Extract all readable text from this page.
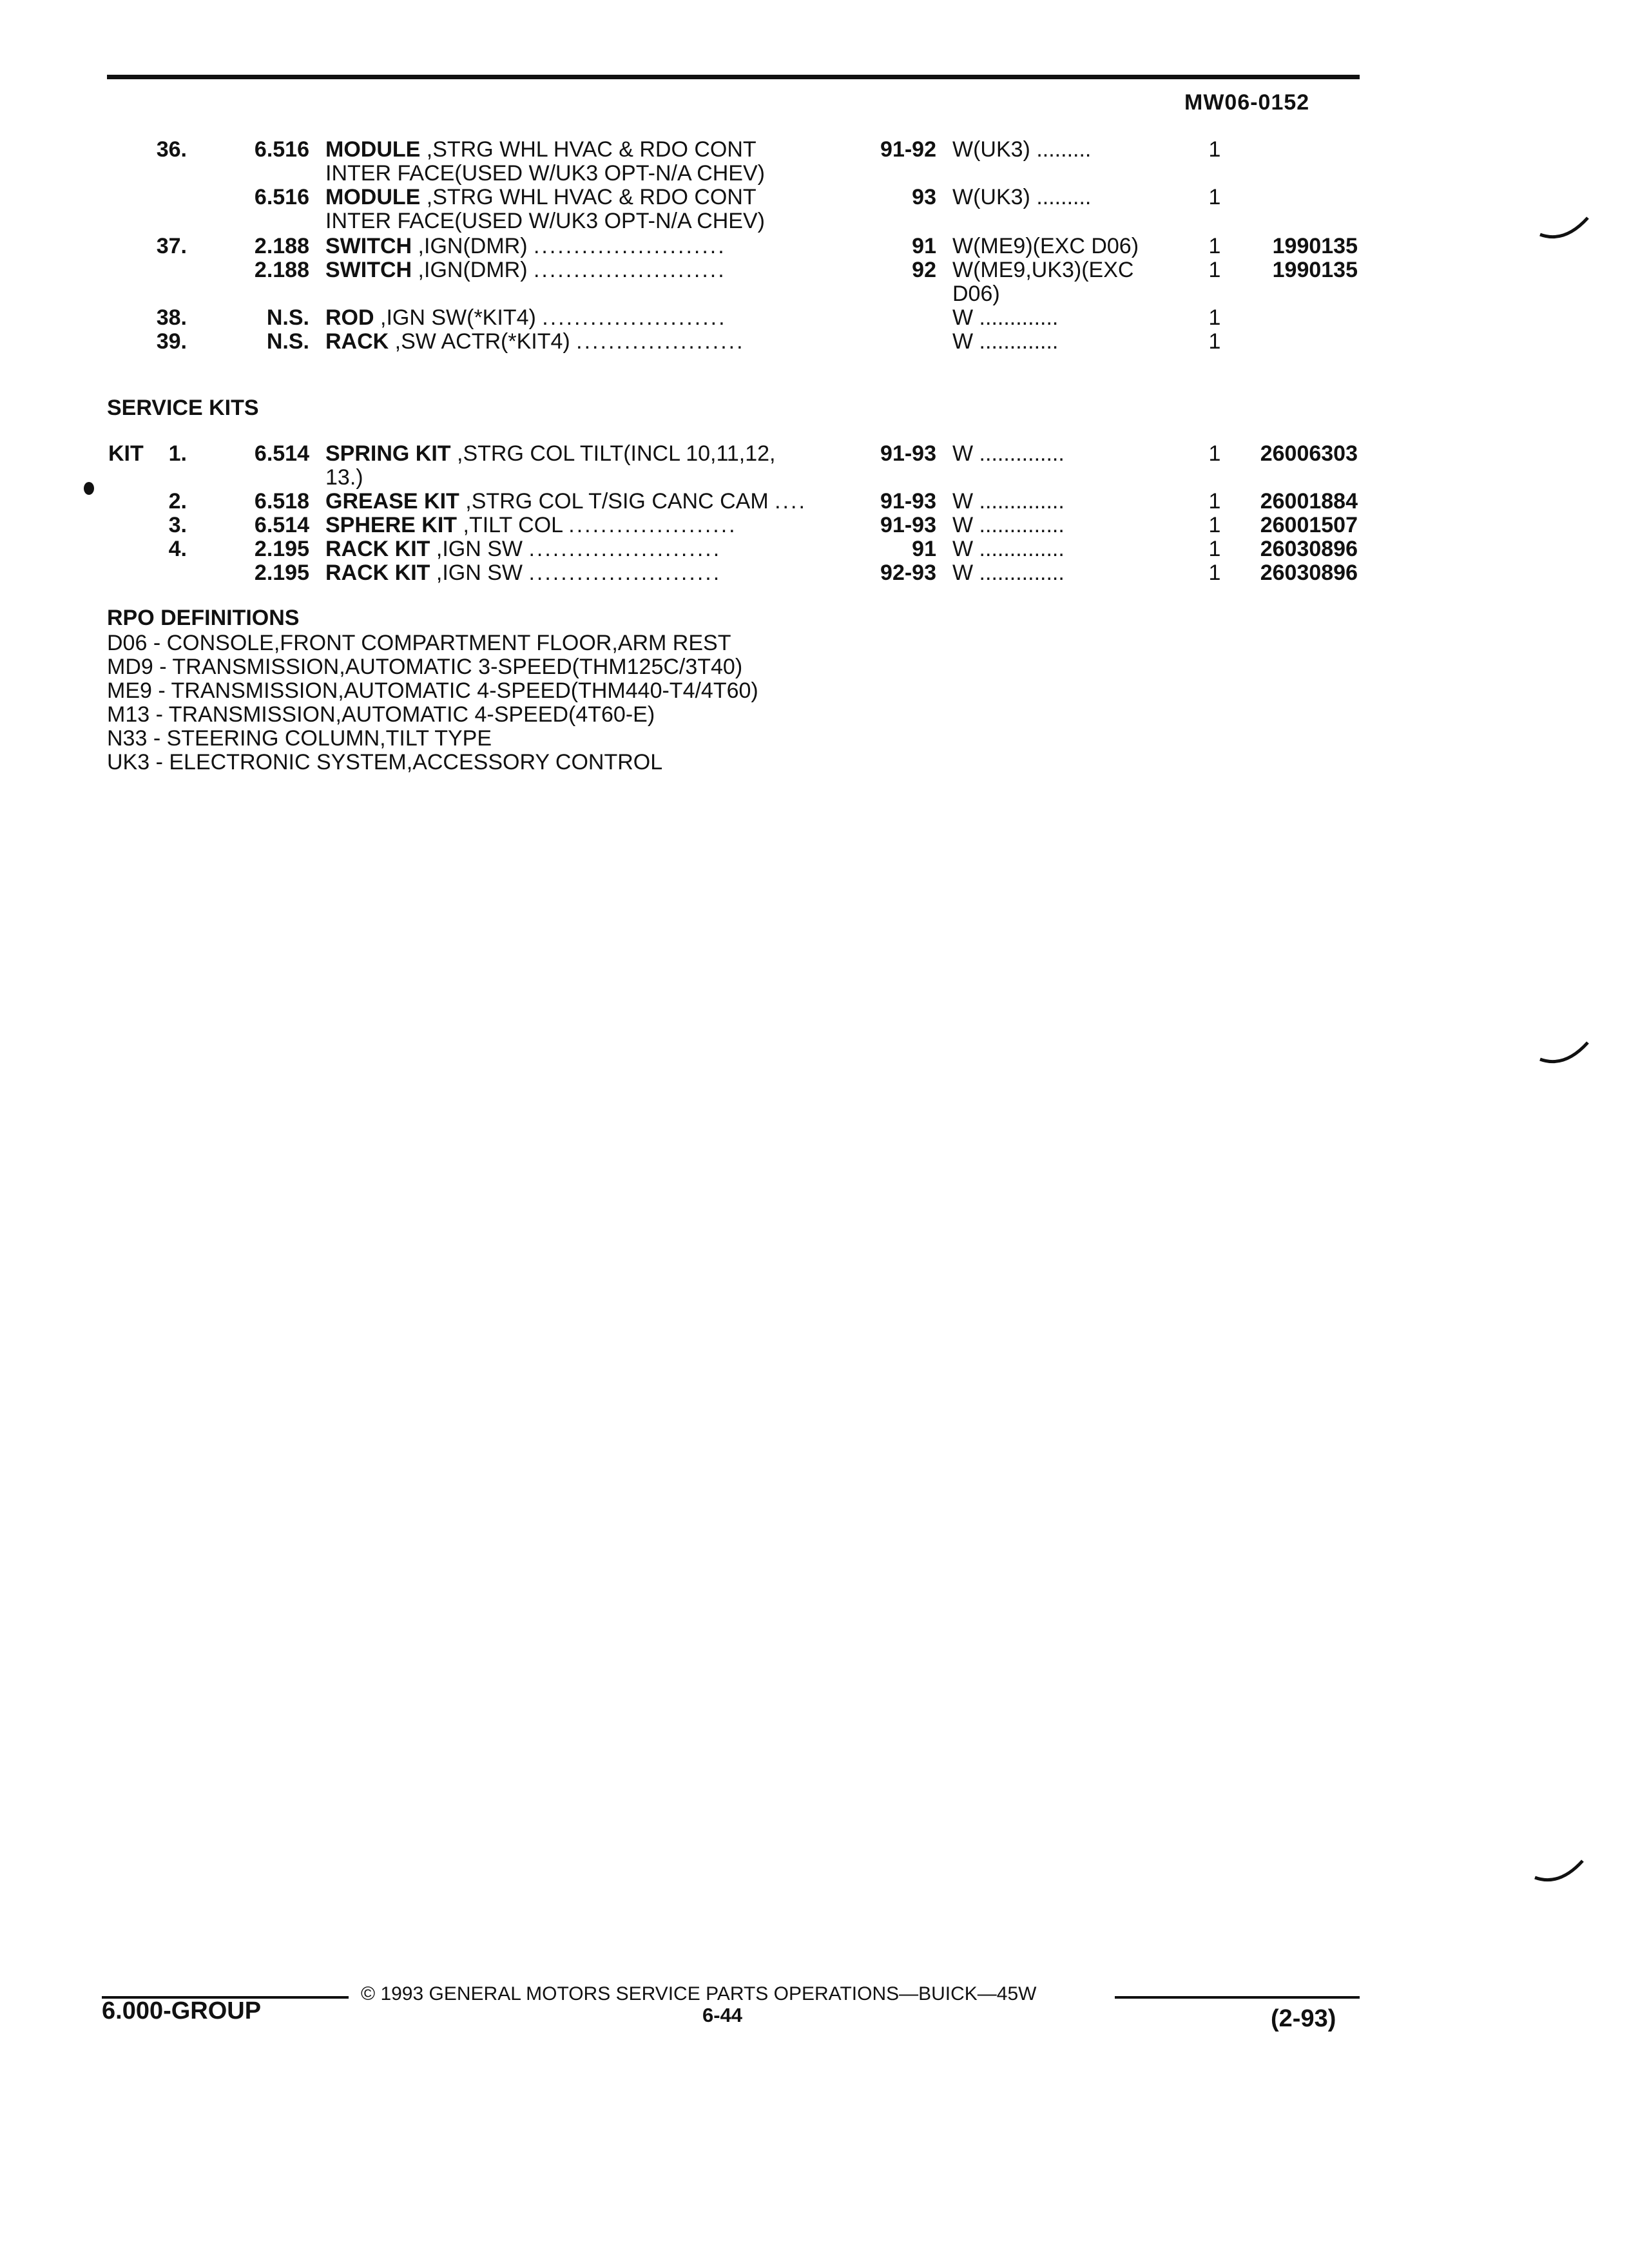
MW06-0152
36.	6.516 MODULE ,STRG WHL HVAC & RDO CONT	91-92 W(UK3) .........	1
INTER FACE(USED W/UK3 OPT-N/A CHEV)
6.516 MODULE ,STRG WHL HVAC & RDO CONT	93 W(UK3) .........	1
INTER FACE(USED W/UK3 OPT-N/A CHEV)
37.	2.188 SWITCH ,IGN(DMR) ........................	91 W(ME9)(EXC D06)	1	1990135
2.188 SWITCH ,IGN(DMR) ........................	92 W(ME9,UK3)(EXC	1	1990135
D06)
38.	N.S. ROD ,IGN SW(*KIT4) .......................	W .............	1
39.	N.S. RACK ,SW ACTR(*KIT4) .....................	W .............	1
SERVICE KITS
KIT	1.	6.514 SPRING KIT ,STRG COL TILT(INCL 10,11,12,	91-93 W ..............	1	26006303
13.)
2.	6.518 GREASE KIT ,STRG COL T/SIG CANC CAM ....	91-93 W ..............	1	26001884
3.	6.514 SPHERE KIT ,TILT COL .....................	91-93 W ..............	1	26001507
4.	2.195 RACK KIT ,IGN SW ........................	91 W ..............	1	26030896
2.195 RACK KIT ,IGN SW ........................	92-93 W ..............	1	26030896
RPO DEFINITIONS
D06 - CONSOLE,FRONT COMPARTMENT FLOOR,ARM REST
MD9 - TRANSMISSION,AUTOMATIC 3-SPEED(THM125C/3T40)
ME9 - TRANSMISSION,AUTOMATIC 4-SPEED(THM440-T4/4T60)
M13 - TRANSMISSION,AUTOMATIC 4-SPEED(4T60-E)
N33 - STEERING COLUMN,TILT TYPE
UK3 - ELECTRONIC SYSTEM,ACCESSORY CONTROL
© 1993 GENERAL MOTORS SERVICE PARTS OPERATIONS—BUICK—45W
6.000-GROUP	6-44	(2-93)
